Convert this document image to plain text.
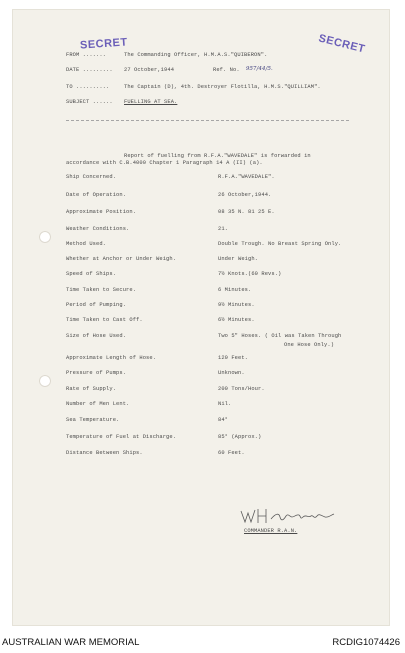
SECRET	SECRET
FROM .......	The Commanding Officer, H.M.A.S."QUIBERON".
DATE ......... 27 October,1944	Ref. No. 957/44/5.
TO ..........	The Captain (D), 4th. Destroyer Flotilla, H.M.S."QUILLIAM".
SUBJECT ...... FUELLING AT SEA.
Report of fuelling from R.F.A."WAVEDALE" is forwarded in
accordance with C.B.4000 Chapter 1 Paragraph 14 A (II) (a).
Ship Concerned.	R.F.A."WAVEDALE".
Date of Operation.	26 October,1944.
Approximate Position.	08 35 N. 81 25 E.
Weather Conditions.	21.
Method Used.	Double Trough. No Breast Spring Only.
Whether at Anchor or Under Weigh.	Under Weigh.
Speed of Ships.	7½ Knots.(60 Revs.)
Time Taken to Secure.	6 Minutes.
Period of Pumping.	9½ Minutes.
Time Taken to Cast Off.	6½ Minutes.
Size of Hose Used.	Two 5" Hoses. ( Oil was Taken Through
One Hose Only.)
Approximate Length of Hose.	120 Feet.
Pressure of Pumps.	Unknown.
Rate of Supply.	200 Tons/Hour.
Number of Men Lent.	Nil.
Sea Temperature.	84°
Temperature of Fuel at Discharge.	85° (Approx.)
Distance Between Ships.	60 Feet.
COMMANDER R.A.N.
AUSTRALIAN WAR MEMORIAL	RCDIG1074426
